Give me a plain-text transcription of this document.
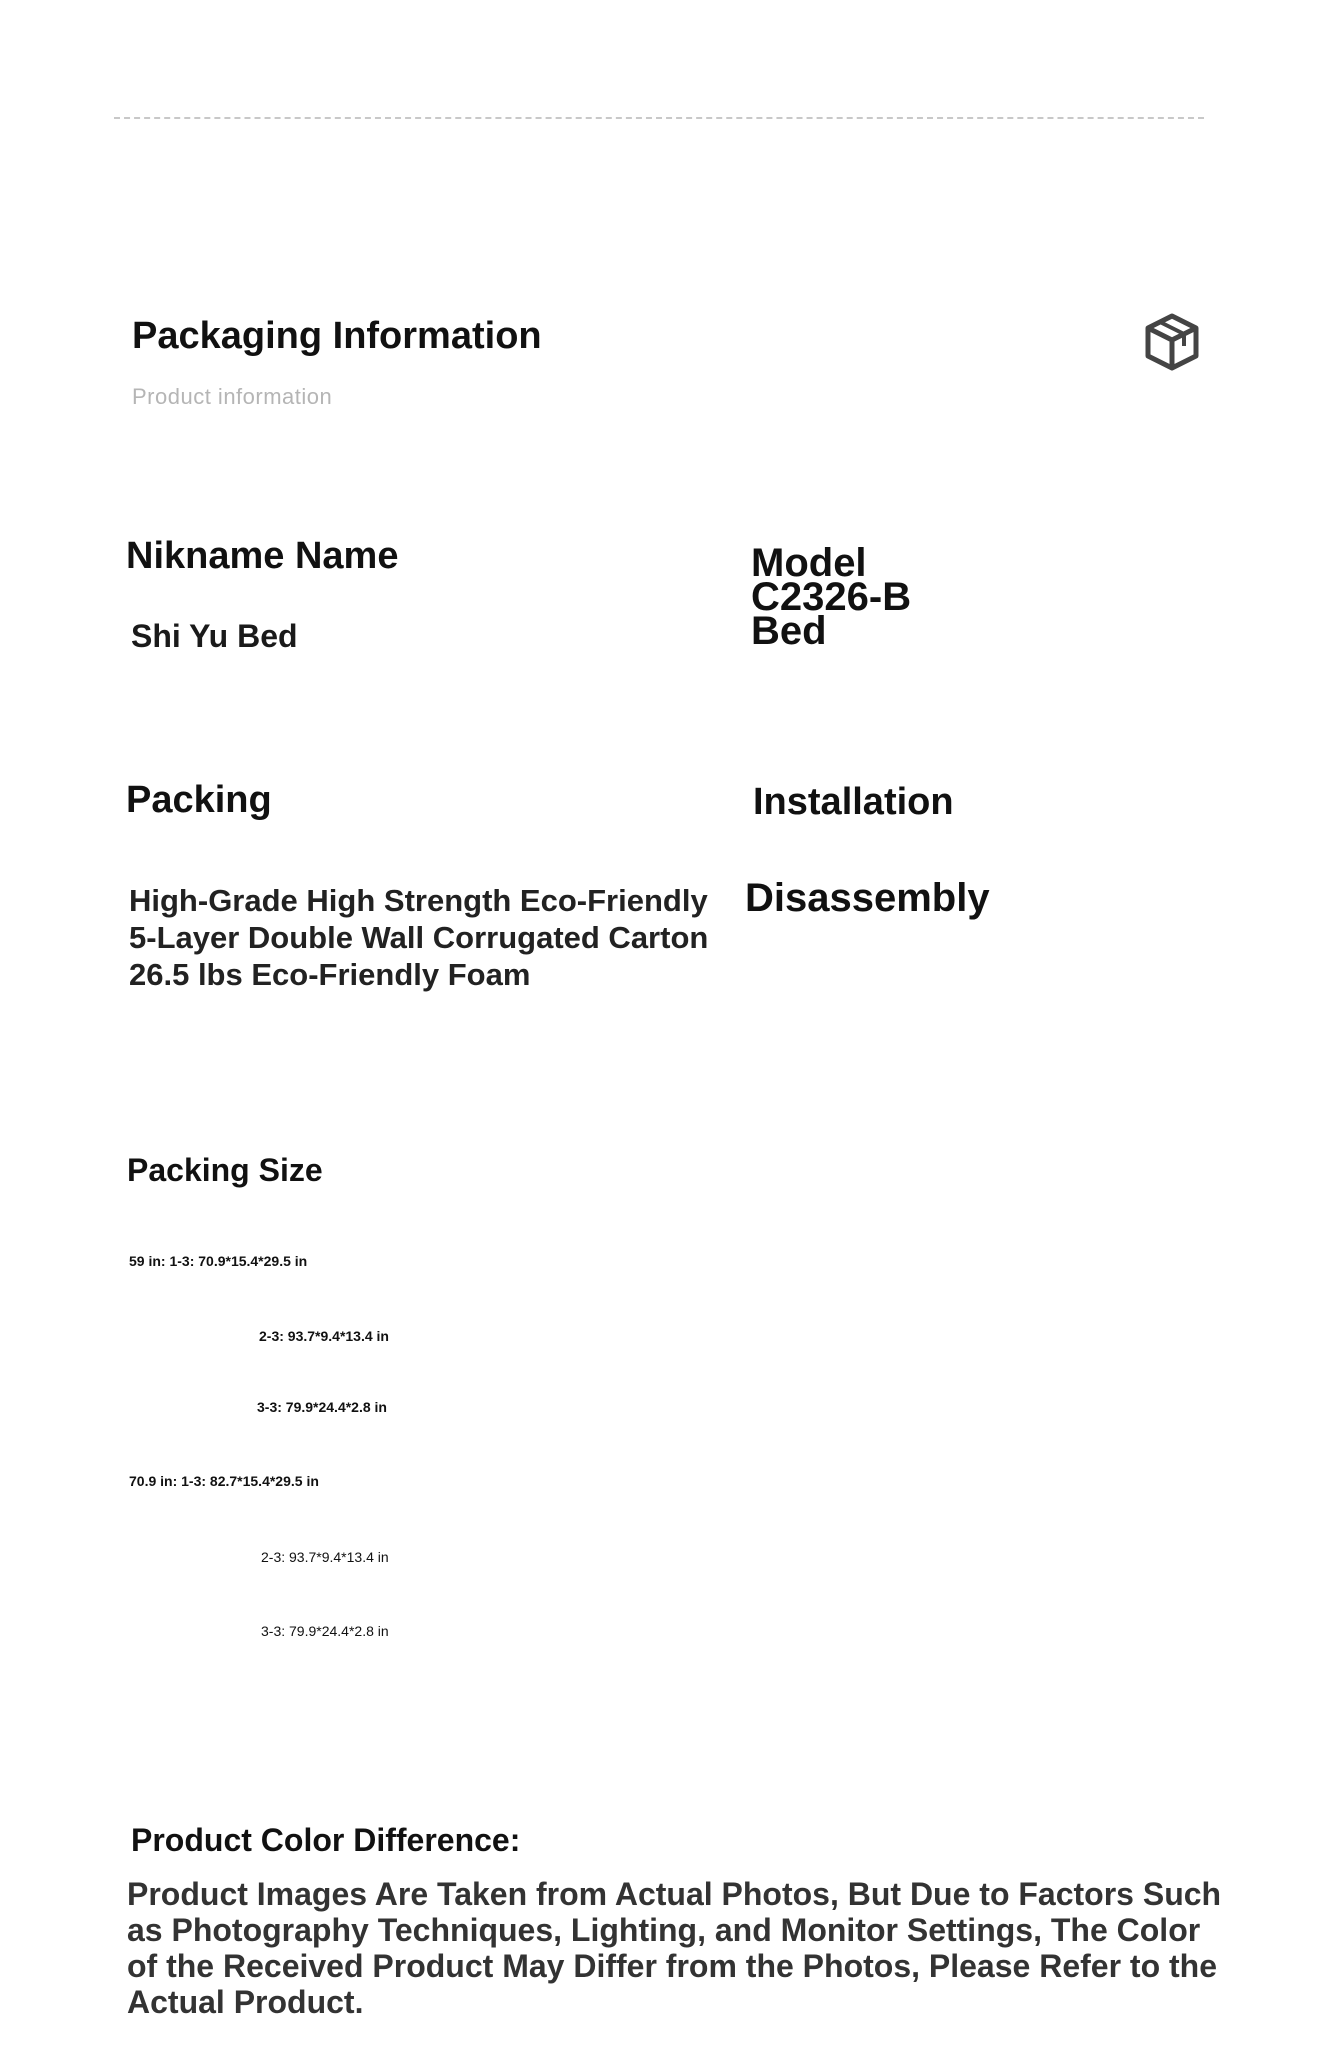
Packaging Information
Product information
Nikname Name
Shi Yu Bed
Model
C2326-B
Bed
Packing
High-Grade High Strength Eco-Friendly
5-Layer Double Wall Corrugated Carton
26.5 lbs Eco-Friendly Foam
Installation
Disassembly
Packing Size
59 in: 1-3: 70.9*15.4*29.5 in
2-3: 93.7*9.4*13.4 in
3-3: 79.9*24.4*2.8 in
70.9 in: 1-3: 82.7*15.4*29.5 in
2-3: 93.7*9.4*13.4 in
3-3: 79.9*24.4*2.8 in
Product Color Difference:
Product Images Are Taken from Actual Photos, But Due to Factors Such as Photography Techniques, Lighting, and Monitor Settings, The Color of the Received Product May Differ from the Photos, Please Refer to the Actual Product.
